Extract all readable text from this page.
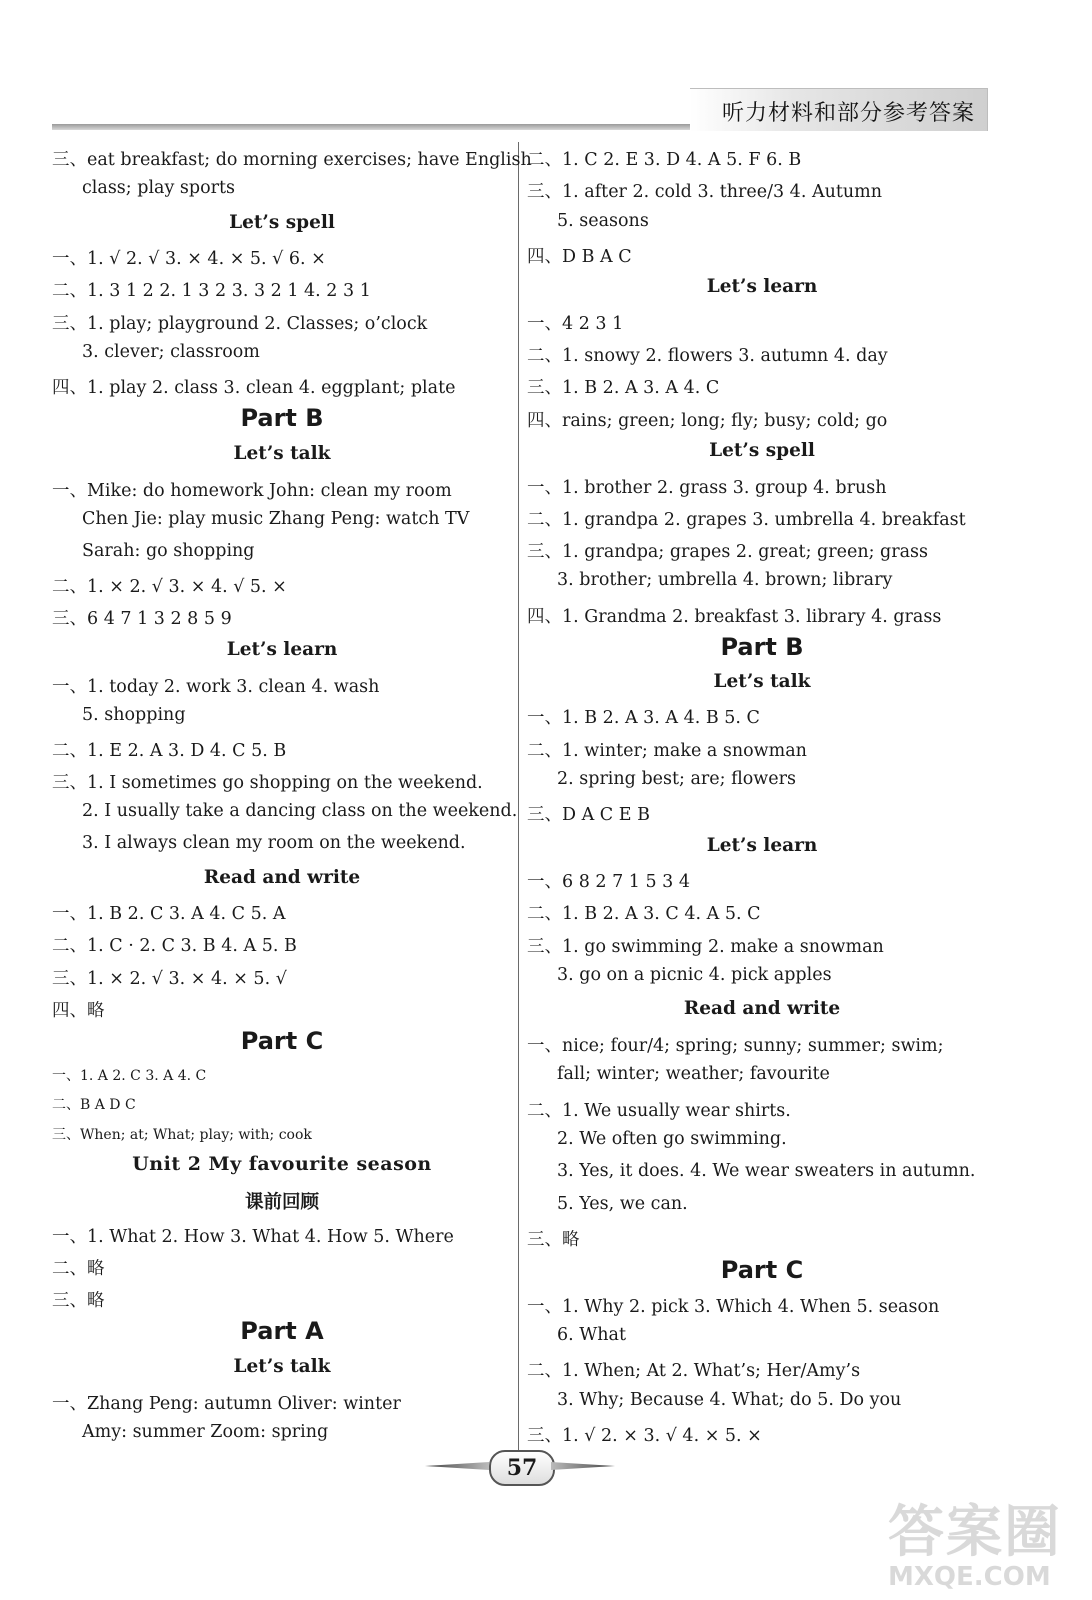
听力材料和部分参考答案
三、eat breakfast; do morning exercises; have English
class; play sports
Let’s spell
一、1. √ 2. √ 3. × 4. × 5. √ 6. ×
二、1. 3 1 2 2. 1 3 2 3. 3 2 1 4. 2 3 1
三、1. play; playground 2. Classes; o’clock
3. clever; classroom
四、1. play 2. class 3. clean 4. eggplant; plate
Part B
Let’s talk
一、Mike: do homework John: clean my room
Chen Jie: play music Zhang Peng: watch TV
Sarah: go shopping
二、1. × 2. √ 3. × 4. √ 5. ×
三、6 4 7 1 3 2 8 5 9
Let’s learn
一、1. today 2. work 3. clean 4. wash
5. shopping
二、1. E 2. A 3. D 4. C 5. B
三、1. I sometimes go shopping on the weekend.
2. I usually take a dancing class on the weekend.
3. I always clean my room on the weekend.
Read and write
一、1. B 2. C 3. A 4. C 5. A
二、1. C · 2. C 3. B 4. A 5. B
三、1. × 2. √ 3. × 4. × 5. √
四、略
Part C
一、1. A 2. C 3. A 4. C
二、B A D C
三、When; at; What; play; with; cook
Unit 2 My favourite season
课前回顾
一、1. What 2. How 3. What 4. How 5. Where
二、略
三、略
Part A
Let’s talk
一、Zhang Peng: autumn Oliver: winter
Amy: summer Zoom: spring
二、1. C 2. E 3. D 4. A 5. F 6. B
三、1. after 2. cold 3. three/3 4. Autumn
5. seasons
四、D B A C
Let’s learn
一、4 2 3 1
二、1. snowy 2. flowers 3. autumn 4. day
三、1. B 2. A 3. A 4. C
四、rains; green; long; fly; busy; cold; go
Let’s spell
一、1. brother 2. grass 3. group 4. brush
二、1. grandpa 2. grapes 3. umbrella 4. breakfast
三、1. grandpa; grapes 2. great; green; grass
3. brother; umbrella 4. brown; library
四、1. Grandma 2. breakfast 3. library 4. grass
Part B
Let’s talk
一、1. B 2. A 3. A 4. B 5. C
二、1. winter; make a snowman
2. spring best; are; flowers
三、D A C E B
Let’s learn
一、6 8 2 7 1 5 3 4
二、1. B 2. A 3. C 4. A 5. C
三、1. go swimming 2. make a snowman
3. go on a picnic 4. pick apples
Read and write
一、nice; four/4; spring; sunny; summer; swim;
fall; winter; weather; favourite
二、1. We usually wear shirts.
2. We often go swimming.
3. Yes, it does. 4. We wear sweaters in autumn.
5. Yes, we can.
三、略
Part C
一、1. Why 2. pick 3. Which 4. When 5. season
6. What
二、1. When; At 2. What’s; Her/Amy’s
3. Why; Because 4. What; do 5. Do you
三、1. √ 2. × 3. √ 4. × 5. ×
57
答案圈
MXQE.COM
